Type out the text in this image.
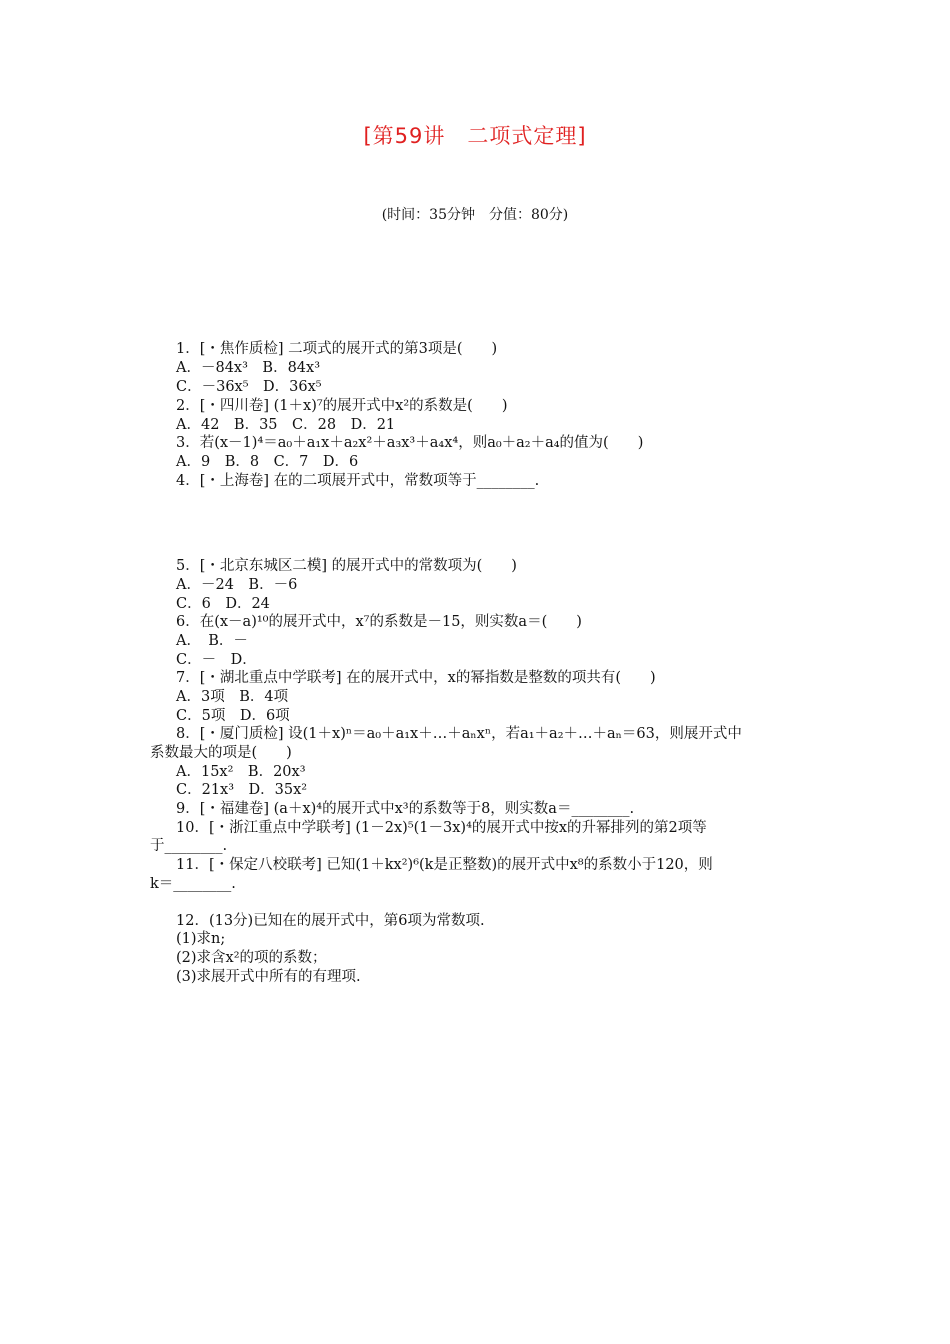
[第59讲　二项式定理]
(时间：35分钟　分值：80分)
1．[・焦作质检] 二项式的展开式的第3项是(　　)
A．－84x³　B．84x³
C．－36x⁵　D．36x⁵
2．[・四川卷] (1＋x)⁷的展开式中x²的系数是(　　)
A．42　B．35　C．28　D．21
3．若(x－1)⁴＝a₀＋a₁x＋a₂x²＋a₃x³＋a₄x⁴，则a₀＋a₂＋a₄的值为(　　)
A．9　B．8　C．7　D．6
4．[・上海卷] 在的二项展开式中，常数项等于________.
5．[・北京东城区二模] 的展开式中的常数项为(　　)
A．－24　B．－6
C．6　D．24
6．在(x－a)¹⁰的展开式中，x⁷的系数是－15，则实数a＝(　　)
A．　B．－
C．－　D．
7．[・湖北重点中学联考] 在的展开式中，x的幂指数是整数的项共有(　　)
A．3项　B．4项
C．5项　D．6项
8．[・厦门质检] 设(1＋x)ⁿ＝a₀＋a₁x＋…＋aₙxⁿ，若a₁＋a₂＋…＋aₙ＝63，则展开式中
系数最大的项是(　　)
A．15x²　B．20x³
C．21x³　D．35x²
9．[・福建卷] (a＋x)⁴的展开式中x³的系数等于8，则实数a＝________.
10．[・浙江重点中学联考] (1－2x)⁵(1－3x)⁴的展开式中按x的升幂排列的第2项等
于________.
11．[・保定八校联考] 已知(1＋kx²)⁶(k是正整数)的展开式中x⁸的系数小于120，则
k＝________.
12．(13分)已知在的展开式中，第6项为常数项.
(1)求n;
(2)求含x²的项的系数；
(3)求展开式中所有的有理项.
